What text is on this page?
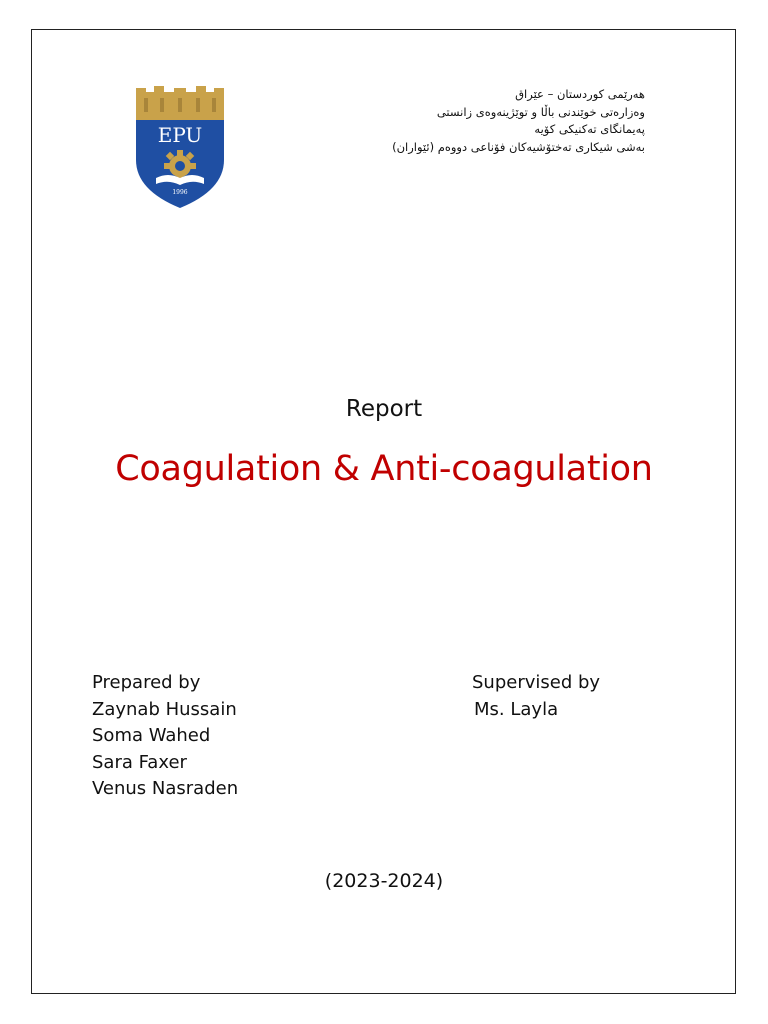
EPU
1996
هەرێمی کوردستان – عێراق
وەزارەتی خوێندنی باڵا و توێژینەوەی زانستی
پەیمانگای تەکنیکی کۆیە
بەشی شیکاری تەختۆشیەکان فۆناعی دووەم (ئێواران)
Report
Coagulation & Anti-coagulation
Prepared by
Zaynab Hussain
Soma Wahed
Sara Faxer
Venus Nasraden
Supervised by
Ms. Layla
(2023-2024)
